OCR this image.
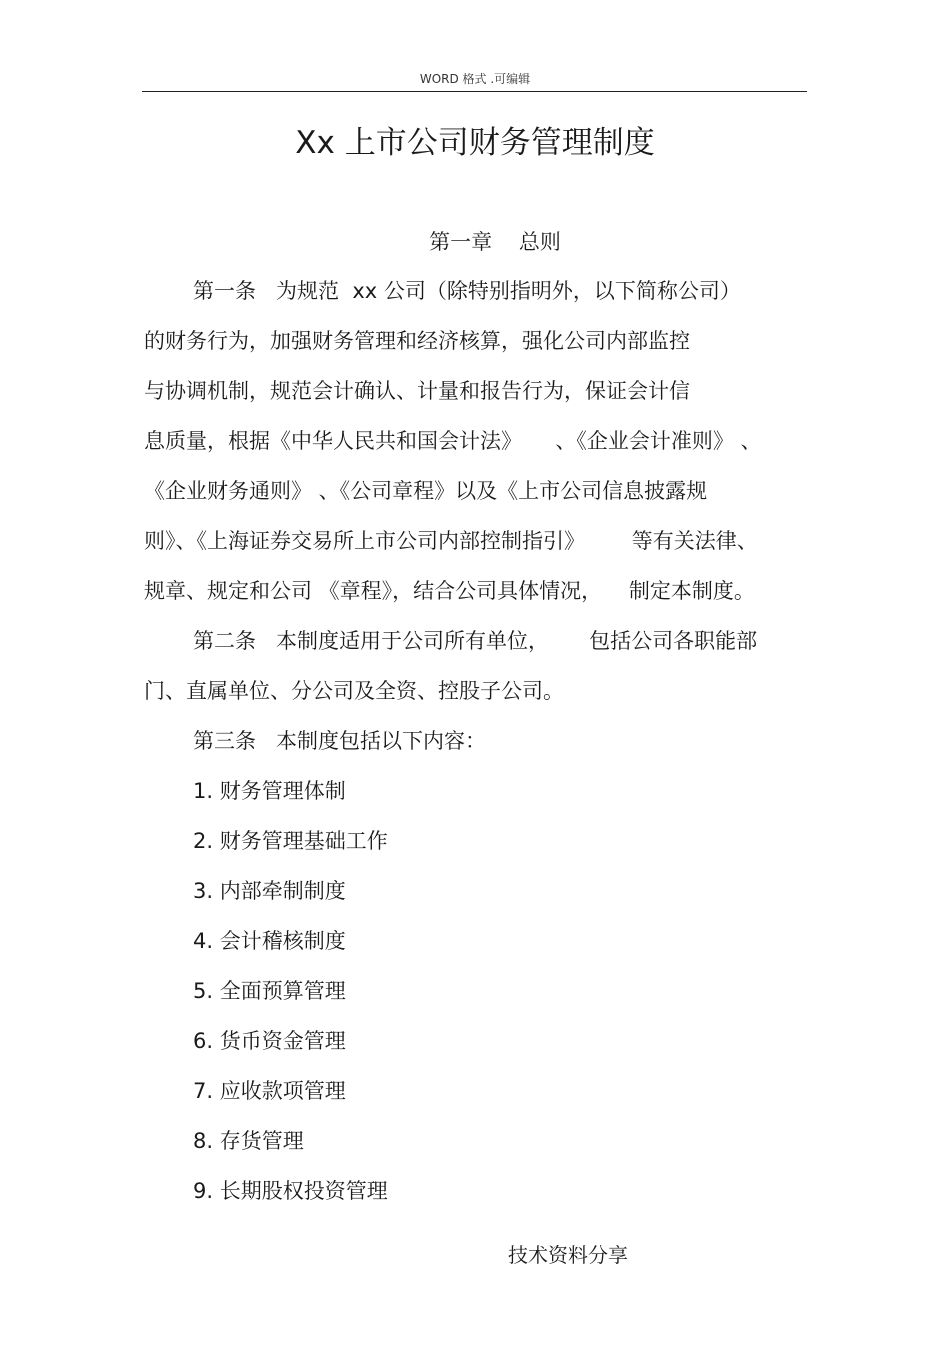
WORD 格式 .可编辑
Xx 上市公司财务管理制度
第一章    总则
第一条   为规范  xx 公司（除特别指明外，以下简称公司）
的财务行为，加强财务管理和经济核算，强化公司内部监控
与协调机制，规范会计确认、计量和报告行为，保证会计信
息质量，根据《中华人民共和国会计法》     、《企业会计准则》 、
《企业财务通则》 、《公司章程》以及《上市公司信息披露规
则》、《上海证券交易所上市公司内部控制指引》       等有关法律、
规章、规定和公司 《章程》，结合公司具体情况，    制定本制度。
第二条   本制度适用于公司所有单位，      包括公司各职能部
门、直属单位、分公司及全资、控股子公司。
第三条   本制度包括以下内容：
1. 财务管理体制
2. 财务管理基础工作
3. 内部牵制制度
4. 会计稽核制度
5. 全面预算管理
6. 货币资金管理
7. 应收款项管理
8. 存货管理
9. 长期股权投资管理
技术资料分享
